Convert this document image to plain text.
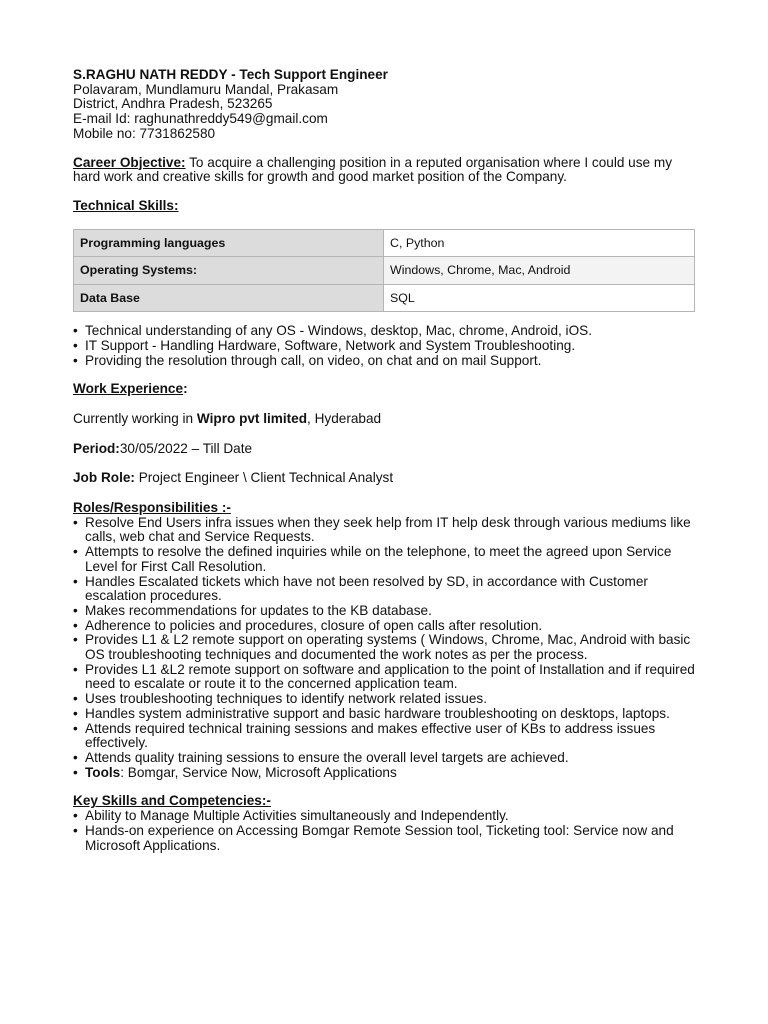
S.RAGHU NATH REDDY - Tech Support Engineer
Polavaram, Mundlamuru Mandal, Prakasam
District, Andhra Pradesh, 523265
E-mail Id: raghunathreddy549@gmail.com
Mobile no: 7731862580
Career Objective: To acquire a challenging position in a reputed organisation where I could use my hard work and creative skills for growth and good market position of the Company.
Technical Skills:
Programming languages	C, Python
Operating Systems:	Windows, Chrome, Mac, Android
Data Base	SQL
• Technical understanding of any OS - Windows, desktop, Mac, chrome, Android, iOS.
• IT Support - Handling Hardware, Software, Network and System Troubleshooting.
• Providing the resolution through call, on video, on chat and on mail Support.
Work Experience:
Currently working in Wipro pvt limited, Hyderabad
Period:30/05/2022 – Till Date
Job Role: Project Engineer \ Client Technical Analyst
Roles/Responsibilities :-
• Resolve End Users infra issues when they seek help from IT help desk through various mediums like calls, web chat and Service Requests.
• Attempts to resolve the defined inquiries while on the telephone, to meet the agreed upon Service Level for First Call Resolution.
• Handles Escalated tickets which have not been resolved by SD, in accordance with Customer escalation procedures.
• Makes recommendations for updates to the KB database.
• Adherence to policies and procedures, closure of open calls after resolution.
• Provides L1 & L2 remote support on operating systems ( Windows, Chrome, Mac, Android with basic OS troubleshooting techniques and documented the work notes as per the process.
• Provides L1 &L2 remote support on software and application to the point of Installation and if required need to escalate or route it to the concerned application team.
• Uses troubleshooting techniques to identify network related issues.
• Handles system administrative support and basic hardware troubleshooting on desktops, laptops.
• Attends required technical training sessions and makes effective user of KBs to address issues effectively.
• Attends quality training sessions to ensure the overall level targets are achieved.
• Tools: Bomgar, Service Now, Microsoft Applications
Key Skills and Competencies:-
• Ability to Manage Multiple Activities simultaneously and Independently.
• Hands-on experience on Accessing Bomgar Remote Session tool, Ticketing tool: Service now and Microsoft Applications.
